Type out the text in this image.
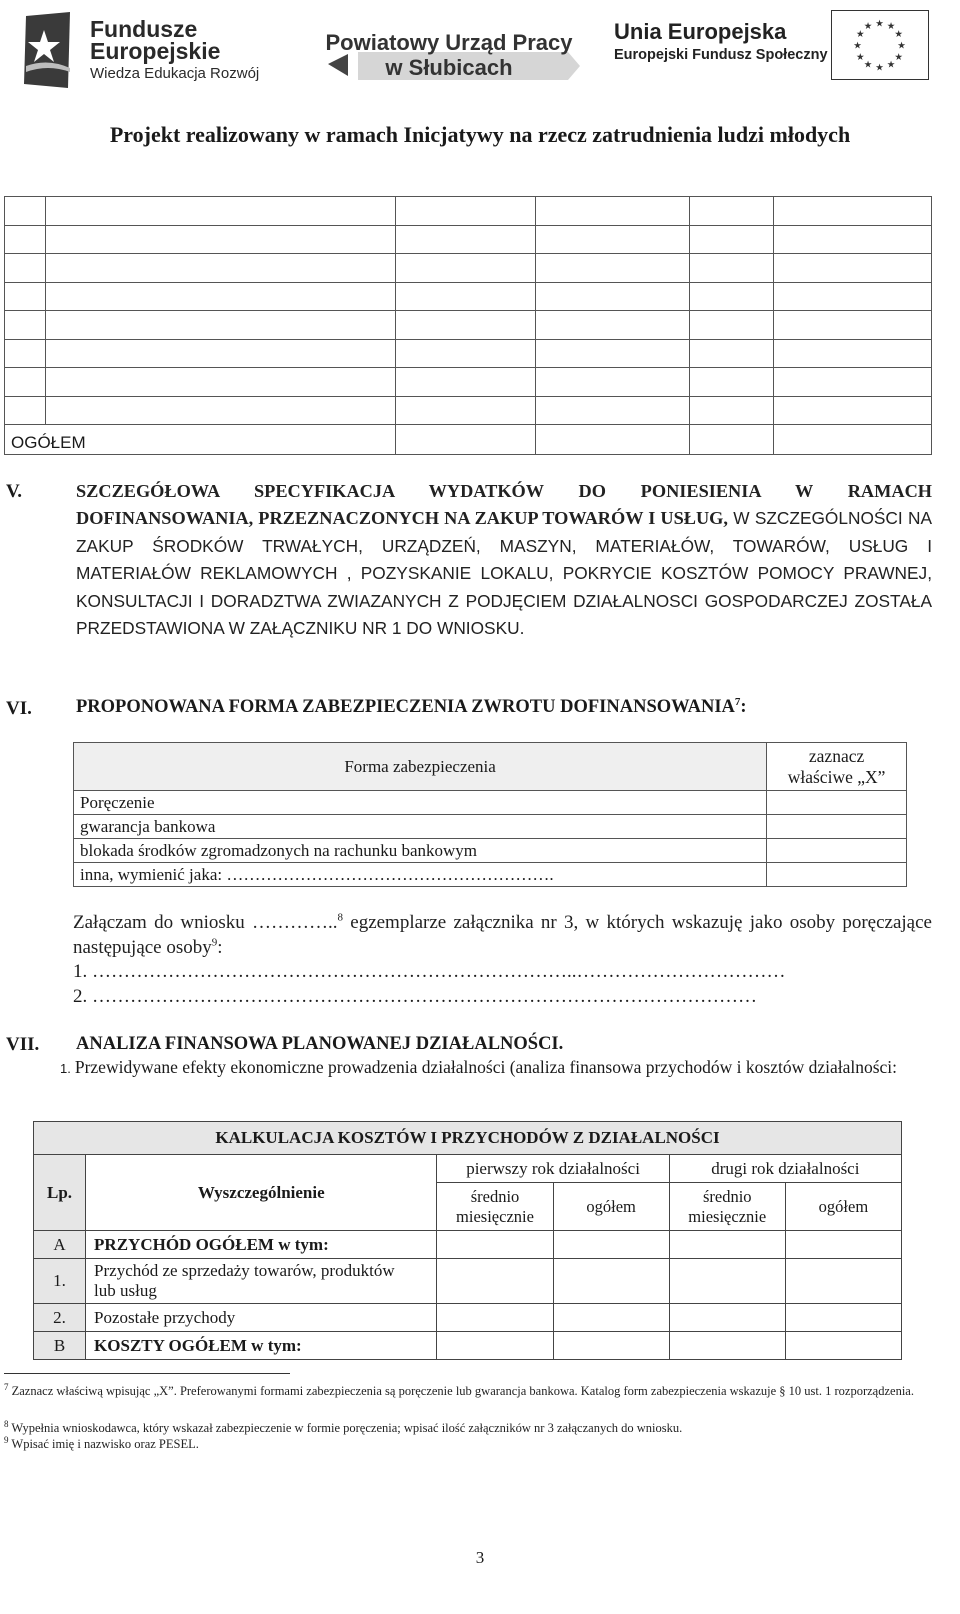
Fundusze
Europejskie
Wiedza Edukacja Rozwój
Powiatowy Urząd Pracy
w Słubicach
Unia Europejska
Europejski Fundusz Społeczny
★ ★
★
★
★
★
★
★
★
★
★
★
Projekt realizowany w ramach Inicjatywy na rzecz zatrudnienia ludzi młodych

OGÓŁEM					
V.	SZCZEGÓŁOWA SPECYFIKACJA WYDATKÓW DO PONIESIENIA W RAMACH DOFINANSOWANIA, PRZEZNACZONYCH NA ZAKUP TOWARÓW I USŁUG, W SZCZEGÓLNOŚCI NA ZAKUP ŚRODKÓW TRWAŁYCH, URZĄDZEŃ, MASZYN, MATERIAŁÓW, TOWARÓW, USŁUG I MATERIAŁÓW REKLAMOWYCH , POZYSKANIE LOKALU, POKRYCIE KOSZTÓW POMOCY PRAWNEJ, KONSULTACJI I DORADZTWA ZWIAZANYCH Z PODJĘCIEM DZIAŁALNOSCI GOSPODARCZEJ ZOSTAŁA PRZEDSTAWIONA W ZAŁĄCZNIKU NR 1 DO WNIOSKU.
VI. PROPONOWANA FORMA ZABEZPIECZENIA ZWROTU DOFINANSOWANIA$^7$:
Forma zabezpieczenia	zaznacz
właściwe „X”
Poręczenie	
gwarancja bankowa	
blokada środków zgromadzonych na rachunku bankowym	
inna, wymienić jaka: ………………………………………………….	
Załączam do wniosku …………..$^8$ egzemplarze załącznika nr 3, w których wskazuję jako osoby poręczające następujące osoby$^9$:
1. …………………………………………………………………..……………………………
2. ……………………………………………………………………………………………
VII. ANALIZA FINANSOWA PLANOWANEJ DZIAŁALNOŚCI.
1. Przewidywane efekty ekonomiczne prowadzenia działalności (analiza finansowa przychodów i kosztów działalności:
KALKULACJA KOSZTÓW I PRZYCHODÓW Z DZIAŁALNOŚCI					
Lp.	Wyszczególnienie	pierwszy rok działalności		drugi rok działalności	
		średnio
miesięcznie	ogółem	średnio
miesięcznie	ogółem
A	PRZYCHÓD OGÓŁEM w tym:				
1.	Przychód ze sprzedaży towarów, produktów
lub usług				
2.	Pozostałe przychody				
B	KOSZTY OGÓŁEM w tym:				
$^7$ Zaznacz właściwą wpisując „X”. Preferowanymi formami zabezpieczenia są poręczenie lub gwarancja bankowa. Katalog form zabezpieczenia wskazuje § 10 ust. 1 rozporządzenia.
$^8$ Wypełnia wnioskodawca, który wskazał zabezpieczenie w formie poręczenia; wpisać ilość załączników nr 3 załączanych do wniosku.
$^9$ Wpisać imię i nazwisko oraz PESEL.
3
